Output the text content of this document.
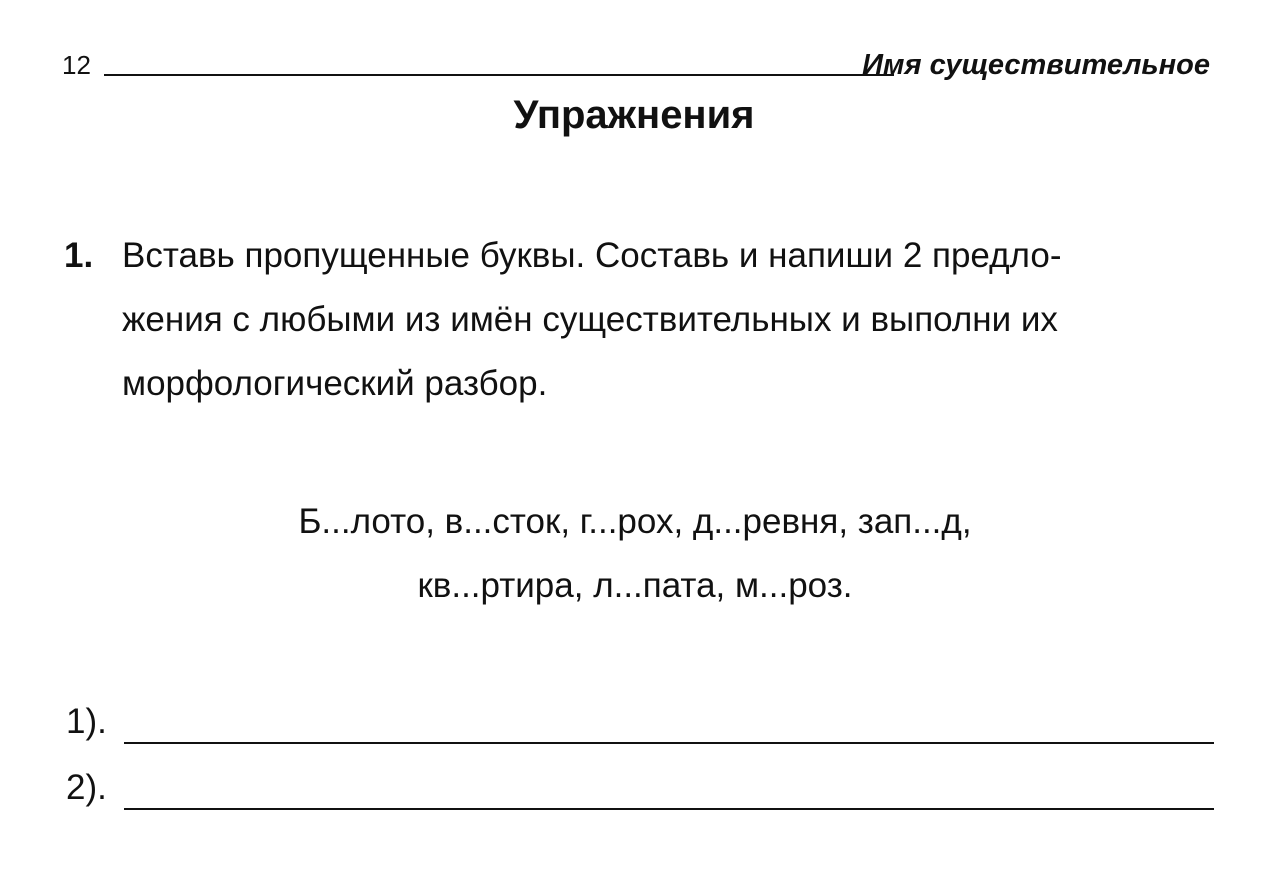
12	Имя существительное
Упражнения
1. Вставь пропущенные буквы. Составь и напиши 2 предло-
жения с любыми из имён существительных и выполни их
морфологический разбор.
Б...лото, в...сток, г...рох, д...ревня, зап...д,
кв...ртира, л...пата, м...роз.
1).
2).
